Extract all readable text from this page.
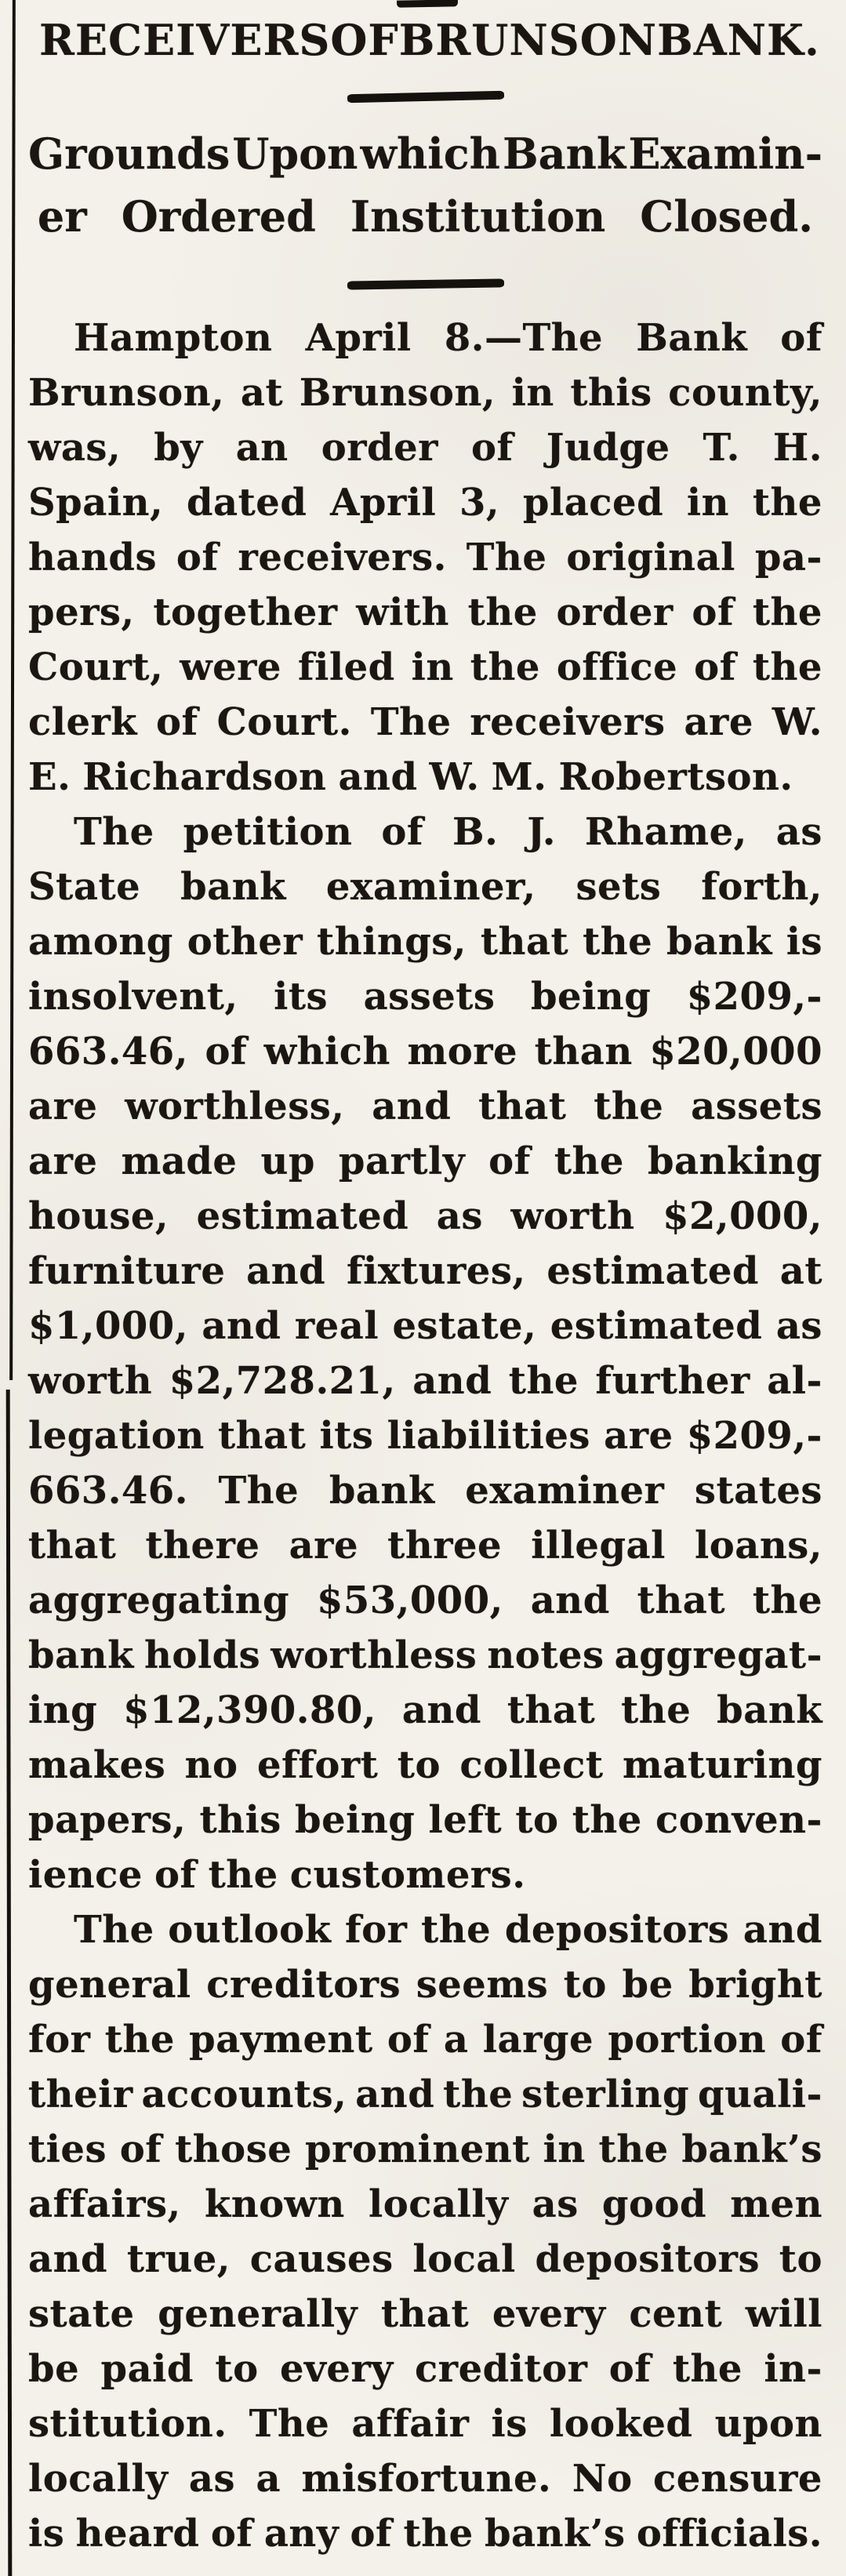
RECEIVERS OF BRUNSON BANK.
Grounds Upon which Bank Examin-
er Ordered Institution Closed.
Hampton April 8.—The Bank of
Brunson, at Brunson, in this county,
was, by an order of Judge T. H.
Spain, dated April 3, placed in the
hands of receivers. The original pa-
pers, together with the order of the
Court, were filed in the office of the
clerk of Court. The receivers are W.
E. Richardson and W. M. Robertson.
The petition of B. J. Rhame, as
State bank examiner, sets forth,
among other things, that the bank is
insolvent, its assets being $209,-
663.46, of which more than $20,000
are worthless, and that the assets
are made up partly of the banking
house, estimated as worth $2,000,
furniture and fixtures, estimated at
$1,000, and real estate, estimated as
worth $2,728.21, and the further al-
legation that its liabilities are $209,-
663.46. The bank examiner states
that there are three illegal loans,
aggregating $53,000, and that the
bank holds worthless notes aggregat-
ing $12,390.80, and that the bank
makes no effort to collect maturing
papers, this being left to the conven-
ience of the customers.
The outlook for the depositors and
general creditors seems to be bright
for the payment of a large portion of
their accounts, and the sterling quali-
ties of those prominent in the bank’s
affairs, known locally as good men
and true, causes local depositors to
state generally that every cent will
be paid to every creditor of the in-
stitution. The affair is looked upon
locally as a misfortune. No censure
is heard of any of the bank’s officials.
